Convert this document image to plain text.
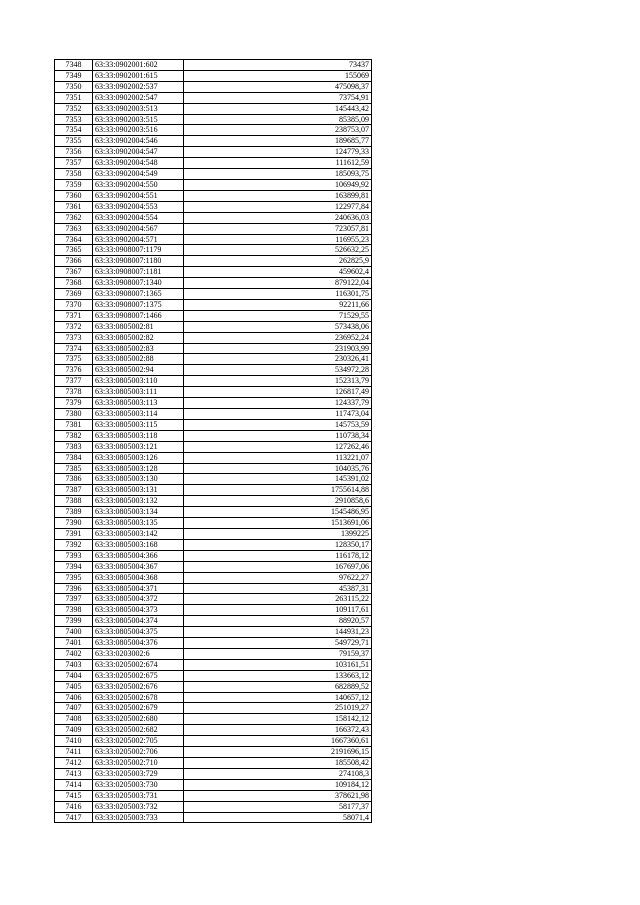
7348	63:33:0902001:602	73437
7349	63:33:0902001:615	155069
7350	63:33:0902002:537	475098,37
7351	63:33:0902002:547	73754,91
7352	63:33:0902003:513	145443,42
7353	63:33:0902003:515	85385,09
7354	63:33:0902003:516	238753,07
7355	63:33:0902004:546	189685,77
7356	63:33:0902004:547	124779,33
7357	63:33:0902004:548	111612,59
7358	63:33:0902004:549	185093,75
7359	63:33:0902004:550	106949,92
7360	63:33:0902004:551	163899,81
7361	63:33:0902004:553	122977,84
7362	63:33:0902004:554	240636,03
7363	63:33:0902004:567	723057,81
7364	63:33:0902004:571	116955,23
7365	63:33:0908007:1179	526632,25
7366	63:33:0908007:1180	262825,9
7367	63:33:0908007:1181	459602,4
7368	63:33:0908007:1340	879122,04
7369	63:33:0908007:1365	116301,75
7370	63:33:0908007:1375	92211,66
7371	63:33:0908007:1466	71529,55
7372	63:33:0805002:81	573438,06
7373	63:33:0805002:82	236952,24
7374	63:33:0805002:83	231903,99
7375	63:33:0805002:88	230326,41
7376	63:33:0805002:94	534972,28
7377	63:33:0805003:110	152313,79
7378	63:33:0805003:111	126817,49
7379	63:33:0805003:113	124337,79
7380	63:33:0805003:114	117473,04
7381	63:33:0805003:115	145753,59
7382	63:33:0805003:118	110738,34
7383	63:33:0805003:121	127262,46
7384	63:33:0805003:126	113221,07
7385	63:33:0805003:128	104035,76
7386	63:33:0805003:130	145391,02
7387	63:33:0805003:131	1755614,88
7388	63:33:0805003:132	2910858,6
7389	63:33:0805003:134	1545486,95
7390	63:33:0805003:135	1513691,06
7391	63:33:0805003:142	1399225
7392	63:33:0805003:168	128350,17
7393	63:33:0805004:366	116178,12
7394	63:33:0805004:367	167697,06
7395	63:33:0805004:368	97622,27
7396	63:33:0805004:371	45387,31
7397	63:33:0805004:372	263115,22
7398	63:33:0805004:373	109117,61
7399	63:33:0805004:374	88920,57
7400	63:33:0805004:375	144931,23
7401	63:33:0805004:376	549729,71
7402	63:33:0203002:6	79159,37
7403	63:33:0205002:674	103161,51
7404	63:33:0205002:675	133663,12
7405	63:33:0205002:676	682889,52
7406	63:33:0205002:678	140657,12
7407	63:33:0205002:679	251019,27
7408	63:33:0205002:680	158142,12
7409	63:33:0205002:682	166372,43
7410	63:33:0205002:705	1667360,61
7411	63:33:0205002:706	2191696,15
7412	63:33:0205002:710	185508,42
7413	63:33:0205003:729	274108,3
7414	63:33:0205003:730	109184,12
7415	63:33:0205003:731	378621,98
7416	63:33:0205003:732	58177,37
7417	63:33:0205003:733	58071,4
